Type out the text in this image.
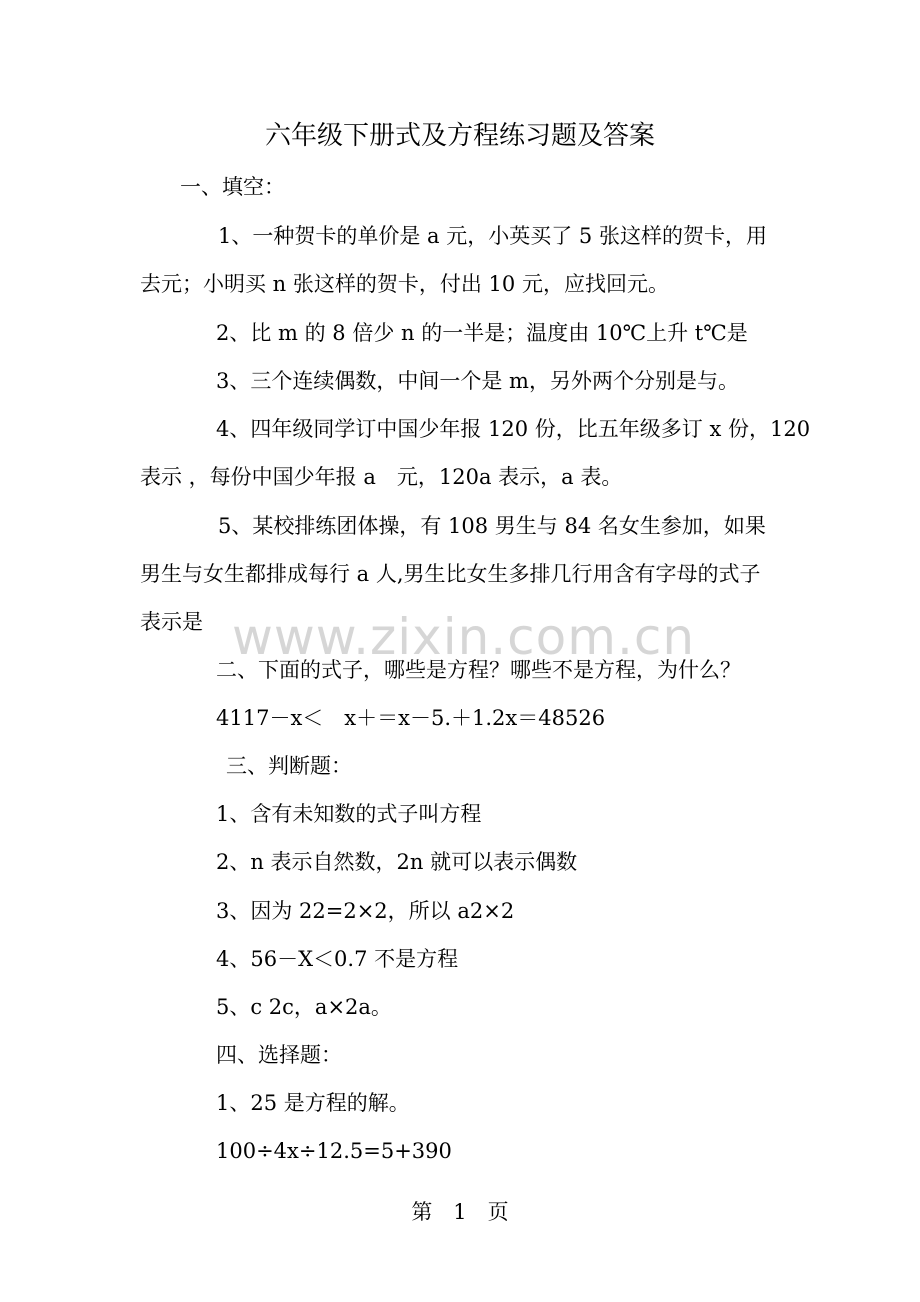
六年级下册式及方程练习题及答案
一、填空：
1、一种贺卡的单价是 a 元，小英买了 5 张这样的贺卡，用
去元；小明买 n 张这样的贺卡，付出 10 元，应找回元。
2、比 m 的 8 倍少 n 的一半是；温度由 10℃上升 t℃是
3、三个连续偶数，中间一个是 m，另外两个分别是与。
4、四年级同学订中国少年报 120 份，比五年级多订 x 份，120
表示 ，每份中国少年报 a　元，120a 表示，a 表。
5、某校排练团体操，有 108 男生与 84 名女生参加，如果
男生与女生都排成每行 a 人,男生比女生多排几行用含有字母的式子
表示是 www.zixin.com.cn
二、下面的式子，哪些是方程？哪些不是方程，为什么？
4117－x＜　x＋＝x－5.＋1.2x＝48526
三、判断题：
1、含有未知数的式子叫方程
2、n 表示自然数，2n 就可以表示偶数
3、因为 22=2×2，所以 a2×2
4、56－X＜0.7 不是方程
5、c 2c，a×2a。
四、选择题：
1、25 是方程的解。
100÷4x÷12.5=5+390
第　1　页
